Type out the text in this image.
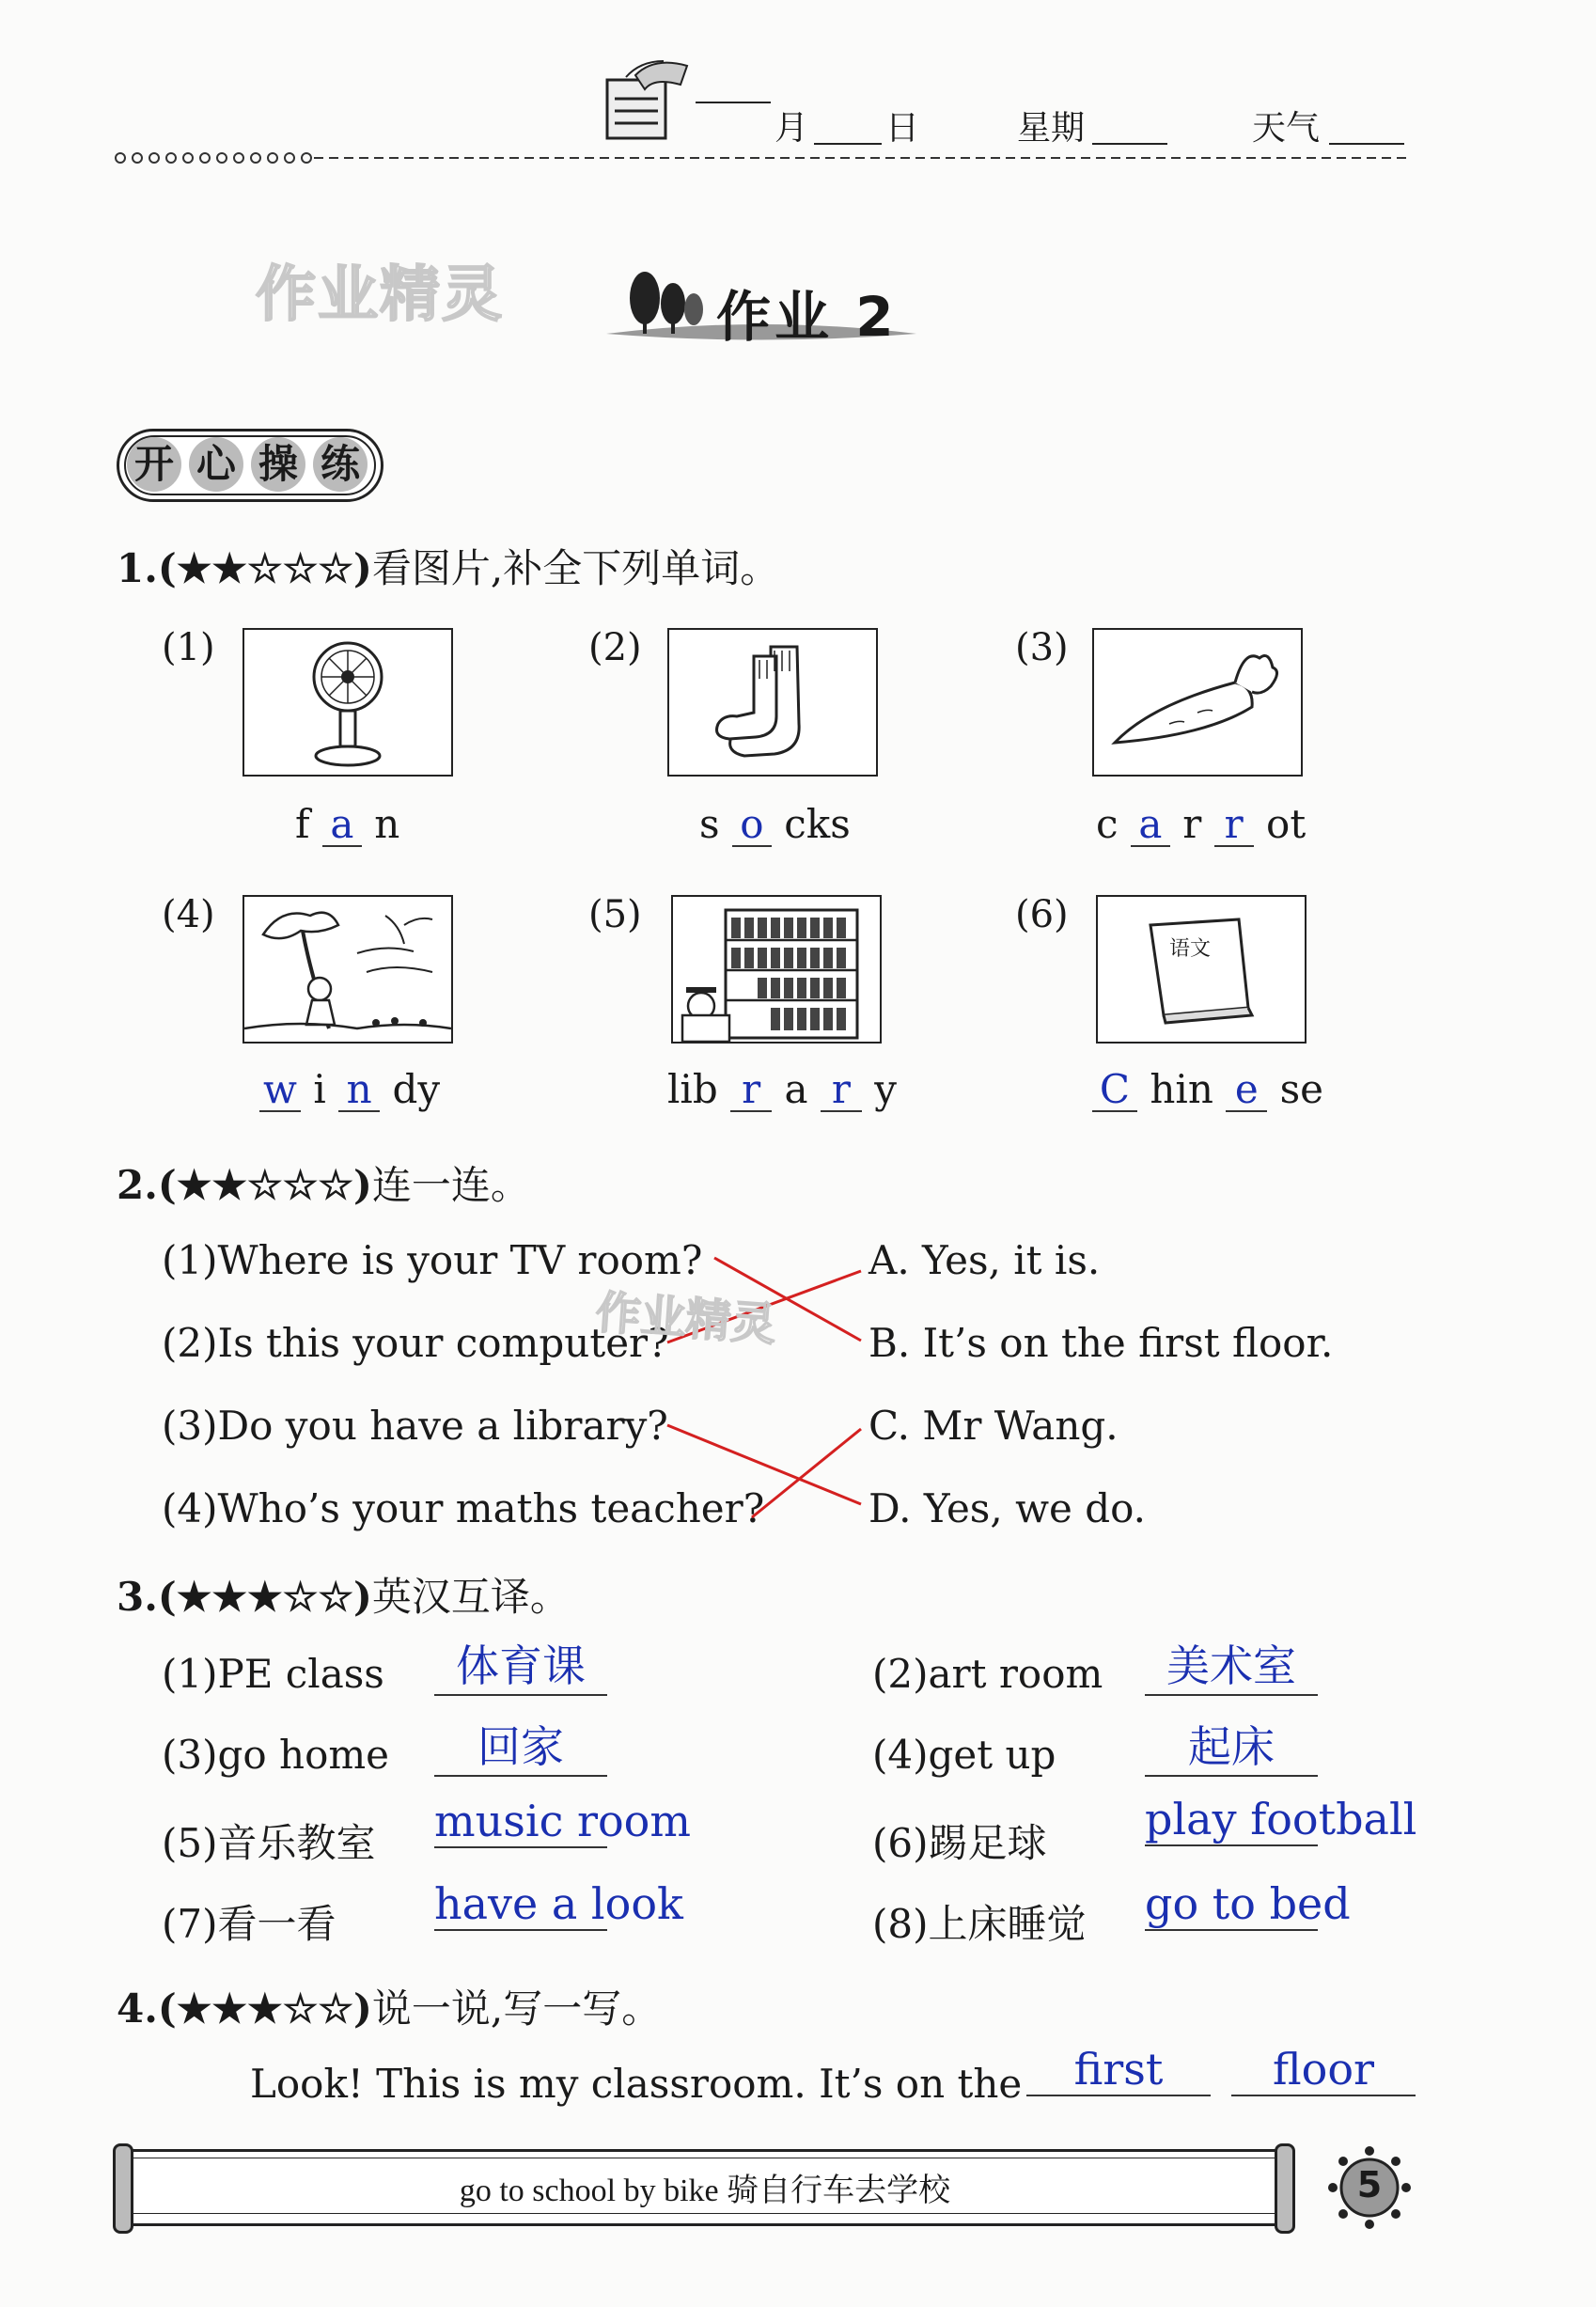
月 日	星期	天气
作业精灵	作业 2
开 心 操 练
1.(★★☆☆☆)看图片,补全下列单词。
(1)	(2)	(3)
f a n	s o cks	c a r r ot
(4)	(5)	(6)
语文
w i n dy	lib r a r y	C hin e se
2.(★★☆☆☆)连一连。
(1)Where is your TV room?
(2)Is this your computer?
(3)Do you have a library?
(4)Who’s your maths teacher?
A. Yes, it is.
B. It’s on the first floor.
C. Mr Wang.
D. Yes, we do.
作业精灵
3.(★★★☆☆)英汉互译。
(1)PE class	体育课	(2)art room	美术室
(3)go home	回家	(4)get up	起床
(5)音乐教室 music room	(6)踢足球 play football
(7)看一看 have a look	(8)上床睡觉 go to bed
4.(★★★☆☆)说一说,写一写。
Look! This is my classroom. It’s on the	first	floor
go to school by bike 骑自行车去学校	5
